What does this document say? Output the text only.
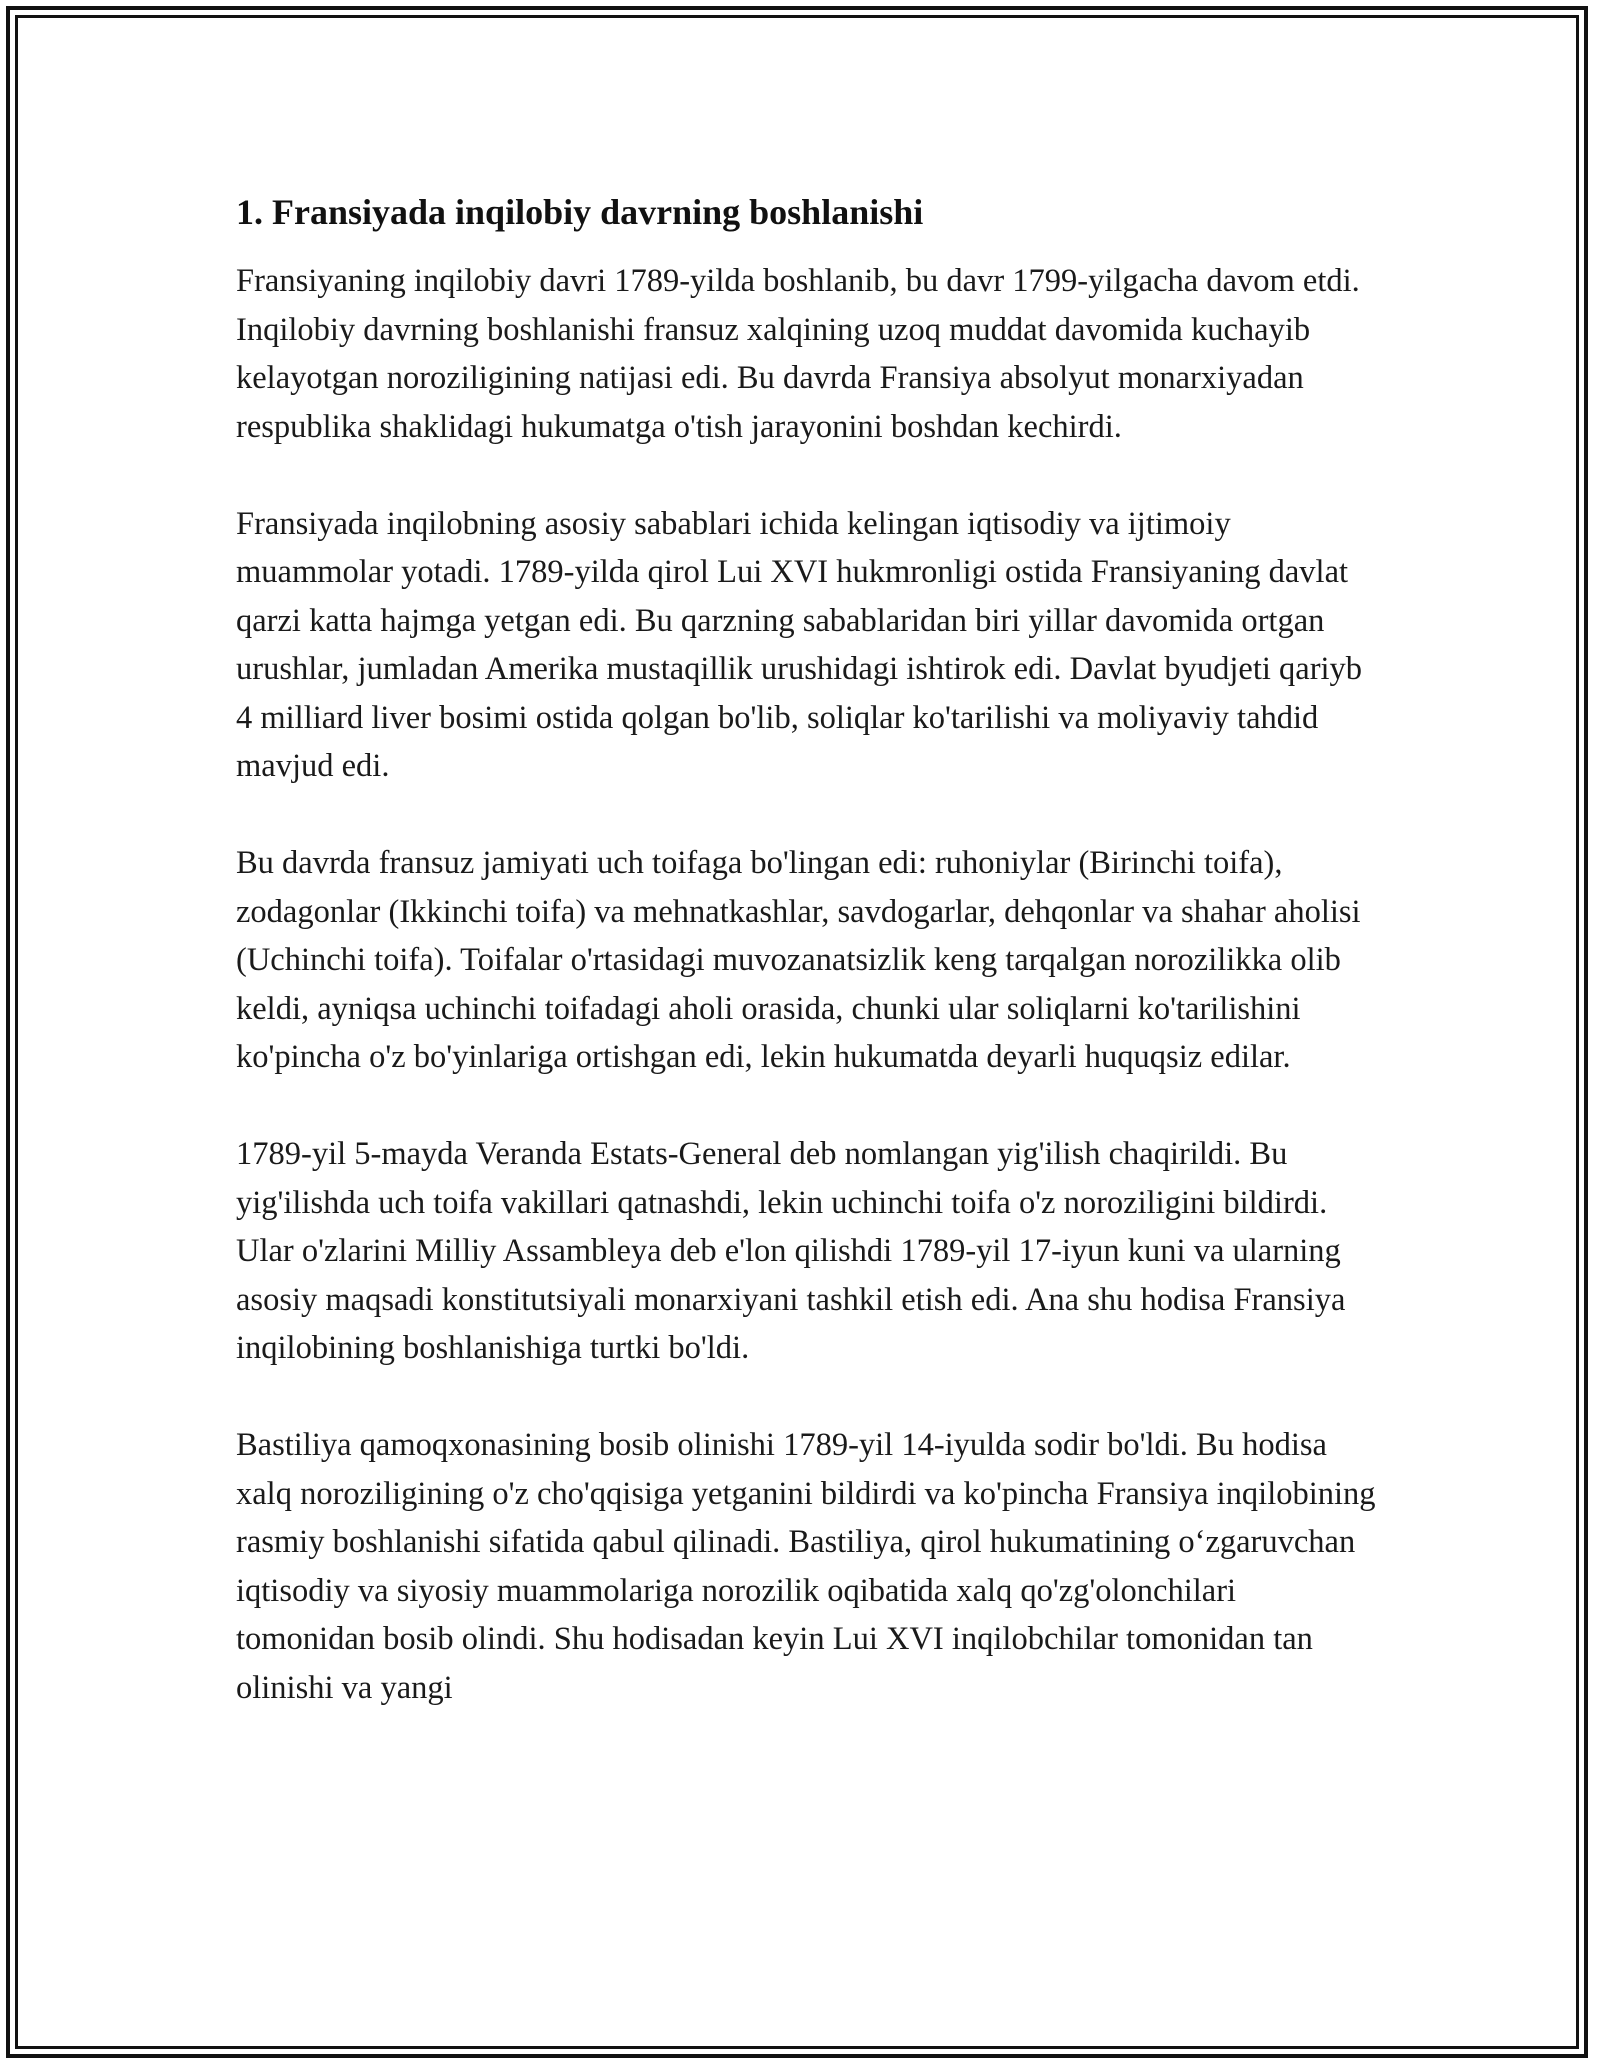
1. Fransiyada inqilobiy davrning boshlanishi

Fransiyaning inqilobiy davri 1789-yilda boshlanib, bu davr 1799-yilgacha davom etdi. Inqilobiy davrning boshlanishi fransuz xalqining uzoq muddat davomida kuchayib kelayotgan noroziligining natijasi edi. Bu davrda Fransiya absolyut monarxiyadan respublika shaklidagi hukumatga o'tish jarayonini boshdan kechirdi.

Fransiyada inqilobning asosiy sabablari ichida kelingan iqtisodiy va ijtimoiy muammolar yotadi. 1789-yilda qirol Lui XVI hukmronligi ostida Fransiyaning davlat qarzi katta hajmga yetgan edi. Bu qarzning sabablaridan biri yillar davomida ortgan urushlar, jumladan Amerika mustaqillik urushidagi ishtirok edi. Davlat byudjeti qariyb 4 milliard liver bosimi ostida qolgan bo'lib, soliqlar ko'tarilishi va moliyaviy tahdid mavjud edi.

Bu davrda fransuz jamiyati uch toifaga bo'lingan edi: ruhoniylar (Birinchi toifa), zodagonlar (Ikkinchi toifa) va mehnatkashlar, savdogarlar, dehqonlar va shahar aholisi (Uchinchi toifa). Toifalar o'rtasidagi muvozanatsizlik keng tarqalgan norozilikka olib keldi, ayniqsa uchinchi toifadagi aholi orasida, chunki ular soliqlarni ko'tarilishini ko'pincha o'z bo'yinlariga ortishgan edi, lekin hukumatda deyarli huquqsiz edilar.

1789-yil 5-mayda Veranda Estats-General deb nomlangan yig'ilish chaqirildi. Bu yig'ilishda uch toifa vakillari qatnashdi, lekin uchinchi toifa o'z noroziligini bildirdi. Ular o'zlarini Milliy Assambleya deb e'lon qilishdi 1789-yil 17-iyun kuni va ularning asosiy maqsadi konstitutsiyali monarxiyani tashkil etish edi. Ana shu hodisa Fransiya inqilobining boshlanishiga turtki bo'ldi.

Bastiliya qamoqxonasining bosib olinishi 1789-yil 14-iyulda sodir bo'ldi. Bu hodisa xalq noroziligining o'z cho'qqisiga yetganini bildirdi va ko'pincha Fransiya inqilobining rasmiy boshlanishi sifatida qabul qilinadi. Bastiliya, qirol hukumatining o‘zgaruvchan iqtisodiy va siyosiy muammolariga norozilik oqibatida xalq qo'zg'olonchilari tomonidan bosib olindi. Shu hodisadan keyin Lui XVI inqilobchilar tomonidan tan olinishi va yangi
